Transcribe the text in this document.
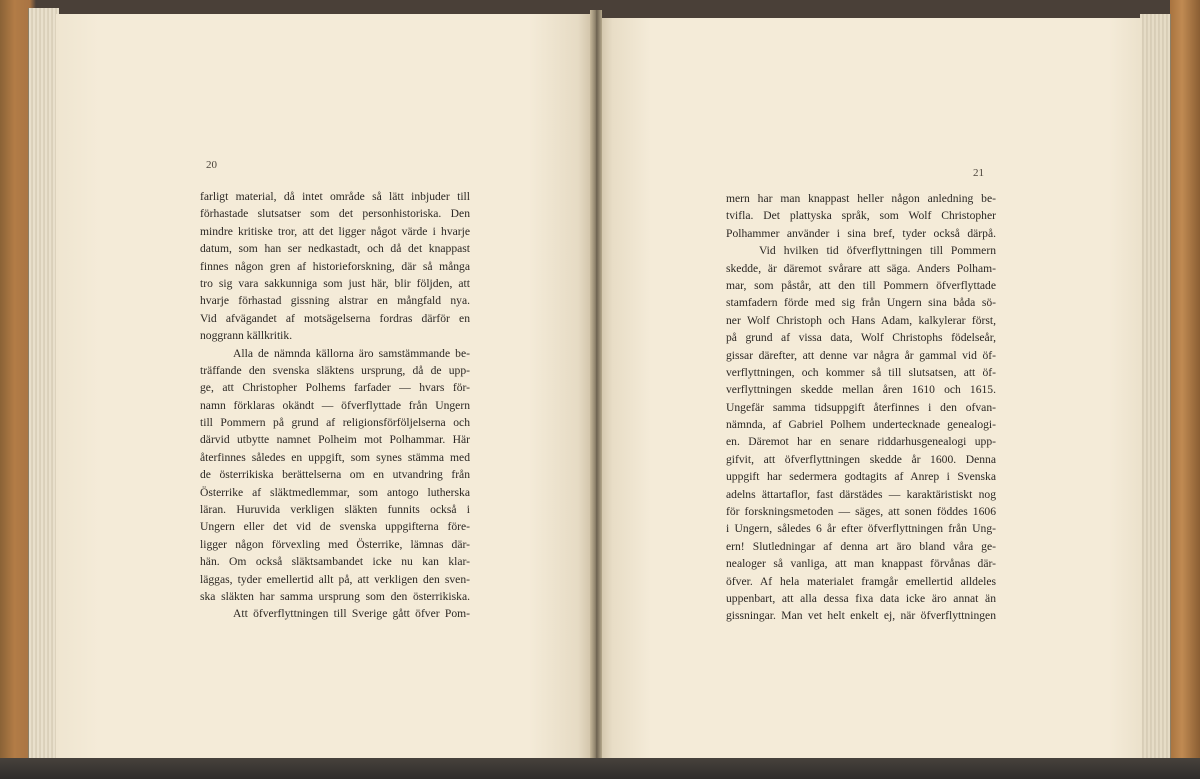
20

farligt material, då intet område så lätt inbjuder till
förhastade slutsatser som det personhistoriska. Den
mindre kritiske tror, att det ligger något värde i hvarje
datum, som han ser nedkastadt, och då det knappast
finnes någon gren af historieforskning, där så många
tro sig vara sakkunniga som just här, blir följden, att
hvarje förhastad gissning alstrar en mångfald nya.
Vid afvägandet af motsägelserna fordras därför en
noggrann källkritik.
Alla de nämnda källorna äro samstämmande be-
träffande den svenska släktens ursprung, då de upp-
ge, att Christopher Polhems farfader — hvars för-
namn förklaras okändt — öfverflyttade från Ungern
till Pommern på grund af religionsförföljelserna och
därvid utbytte namnet Polheim mot Polhammar. Här
återfinnes således en uppgift, som synes stämma med
de österrikiska berättelserna om en utvandring från
Österrike af släktmedlemmar, som antogo lutherska
läran. Huruvida verkligen släkten funnits också i
Ungern eller det vid de svenska uppgifterna före-
ligger någon förvexling med Österrike, lämnas där-
hän. Om också släktsambandet icke nu kan klar-
läggas, tyder emellertid allt på, att verkligen den sven-
ska släkten har samma ursprung som den österrikiska.
Att öfverflyttningen till Sverige gått öfver Pom-

21

mern har man knappast heller någon anledning be-
tvifla. Det plattyska språk, som Wolf Christopher
Polhammer använder i sina bref, tyder också därpå.
Vid hvilken tid öfverflyttningen till Pommern
skedde, är däremot svårare att säga. Anders Polham-
mar, som påstår, att den till Pommern öfverflyttade
stamfadern förde med sig från Ungern sina båda sö-
ner Wolf Christoph och Hans Adam, kalkylerar först,
på grund af vissa data, Wolf Christophs födelseår,
gissar därefter, att denne var några år gammal vid öf-
verflyttningen, och kommer så till slutsatsen, att öf-
verflyttningen skedde mellan åren 1610 och 1615.
Ungefär samma tidsuppgift återfinnes i den ofvan-
nämnda, af Gabriel Polhem undertecknade genealogi-
en. Däremot har en senare riddarhusgenealogi upp-
gifvit, att öfverflyttningen skedde år 1600. Denna
uppgift har sedermera godtagits af Anrep i Svenska
adelns ättartaflor, fast därstädes — karaktäristiskt nog
för forskningsmetoden — säges, att sonen föddes 1606
i Ungern, således 6 år efter öfverflyttningen från Ung-
ern! Slutledningar af denna art äro bland våra ge-
nealoger så vanliga, att man knappast förvånas där-
öfver. Af hela materialet framgår emellertid alldeles
uppenbart, att alla dessa fixa data icke äro annat än
gissningar. Man vet helt enkelt ej, när öfverflyttningen
